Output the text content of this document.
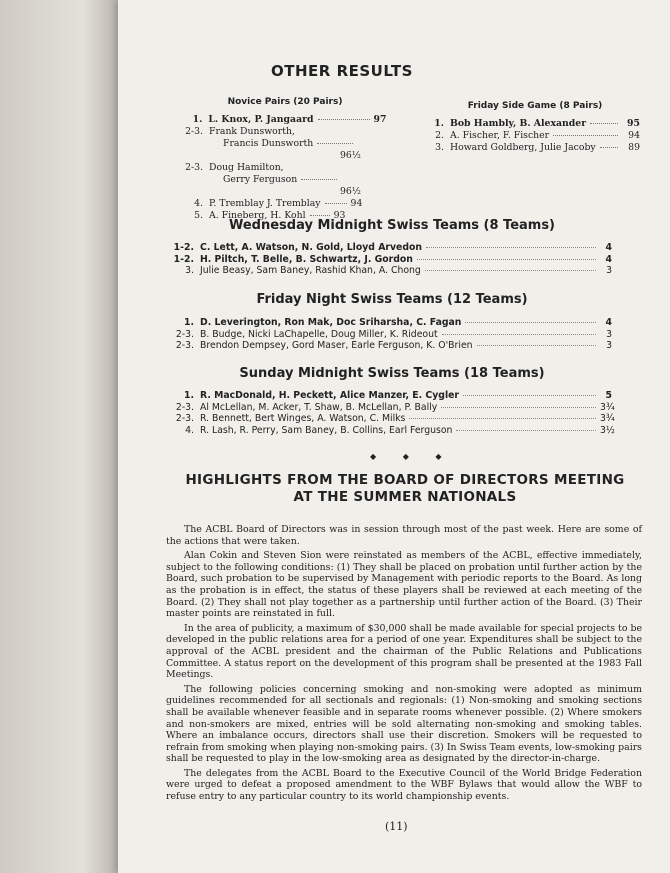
OTHER RESULTS
Novice Pairs (20 Pairs)
1. L. Knox, P. Jangaard	97
2-3. Frank Dunsworth,
Francis Dunsworth
96½
2-3. Doug Hamilton,
Gerry Ferguson
96½
4. P. Tremblay J. Tremblay	94
5. A. Fineberg, H. Kohl	93
Friday Side Game (8 Pairs)
1. Bob Hambly, B. Alexander	95
2. A. Fischer, F. Fischer	94
3. Howard Goldberg, Julie Jacoby	89
Wednesday Midnight Swiss Teams (8 Teams)
1-2. C. Lett, A. Watson, N. Gold, Lloyd Arvedon	4
1-2. H. Piltch, T. Belle, B. Schwartz, J. Gordon	4
3. Julie Beasy, Sam Baney, Rashid Khan, A. Chong	3
Friday Night Swiss Teams (12 Teams)
1. D. Leverington, Ron Mak, Doc Sriharsha, C. Fagan	4
2-3. B. Budge, Nicki LaChapelle, Doug Miller, K. Rideout	3
2-3. Brendon Dempsey, Gord Maser, Earle Ferguson, K. O'Brien	3
Sunday Midnight Swiss Teams (18 Teams)
1. R. MacDonald, H. Peckett, Alice Manzer, E. Cygler	5
2-3. Al McLellan, M. Acker, T. Shaw, B. McLellan, P. Bally	3¾
2-3. R. Bennett, Bert Winges, A. Watson, C. Milks	3¾
4. R. Lash, R. Perry, Sam Baney, B. Collins, Earl Ferguson	3½
◆ ◆ ◆
HIGHLIGHTS FROM THE BOARD OF DIRECTORS MEETING
AT THE SUMMER NATIONALS

The ACBL Board of Directors was in session through most of the past week. Here are some of the actions that were taken.

Alan Cokin and Steven Sion were reinstated as members of the ACBL, effective immediately, subject to the following conditions: (1) They shall be placed on probation until further action by the Board, such probation to be supervised by Management with periodic reports to the Board. As long as the probation is in effect, the status of these players shall be reviewed at each meeting of the Board. (2) They shall not play together as a partnership until further action of the Board. (3) Their master points are reinstated in full.

In the area of publicity, a maximum of $30,000 shall be made available for special projects to be developed in the public relations area for a period of one year. Expenditures shall be subject to the approval of the ACBL president and the chairman of the Public Relations and Publications Committee. A status report on the development of this program shall be presented at the 1983 Fall Meetings.

The following policies concerning smoking and non-smoking were adopted as minimum guidelines recommended for all sectionals and regionals: (1) Non-smoking and smoking sections shall be available whenever feasible and in separate rooms whenever possible. (2) Where smokers and non-smokers are mixed, entries will be sold alternating non-smoking and smoking tables. Where an imbalance occurs, directors shall use their discretion. Smokers will be requested to refrain from smoking when playing non-smoking pairs. (3) In Swiss Team events, low-smoking pairs shall be requested to play in the low-smoking area as designated by the director-in-charge.

The delegates from the ACBL Board to the Executive Council of the World Bridge Federation were urged to defeat a proposed amendment to the WBF Bylaws that would allow the WBF to refuse entry to any particular country to its world championship events.

(11)
